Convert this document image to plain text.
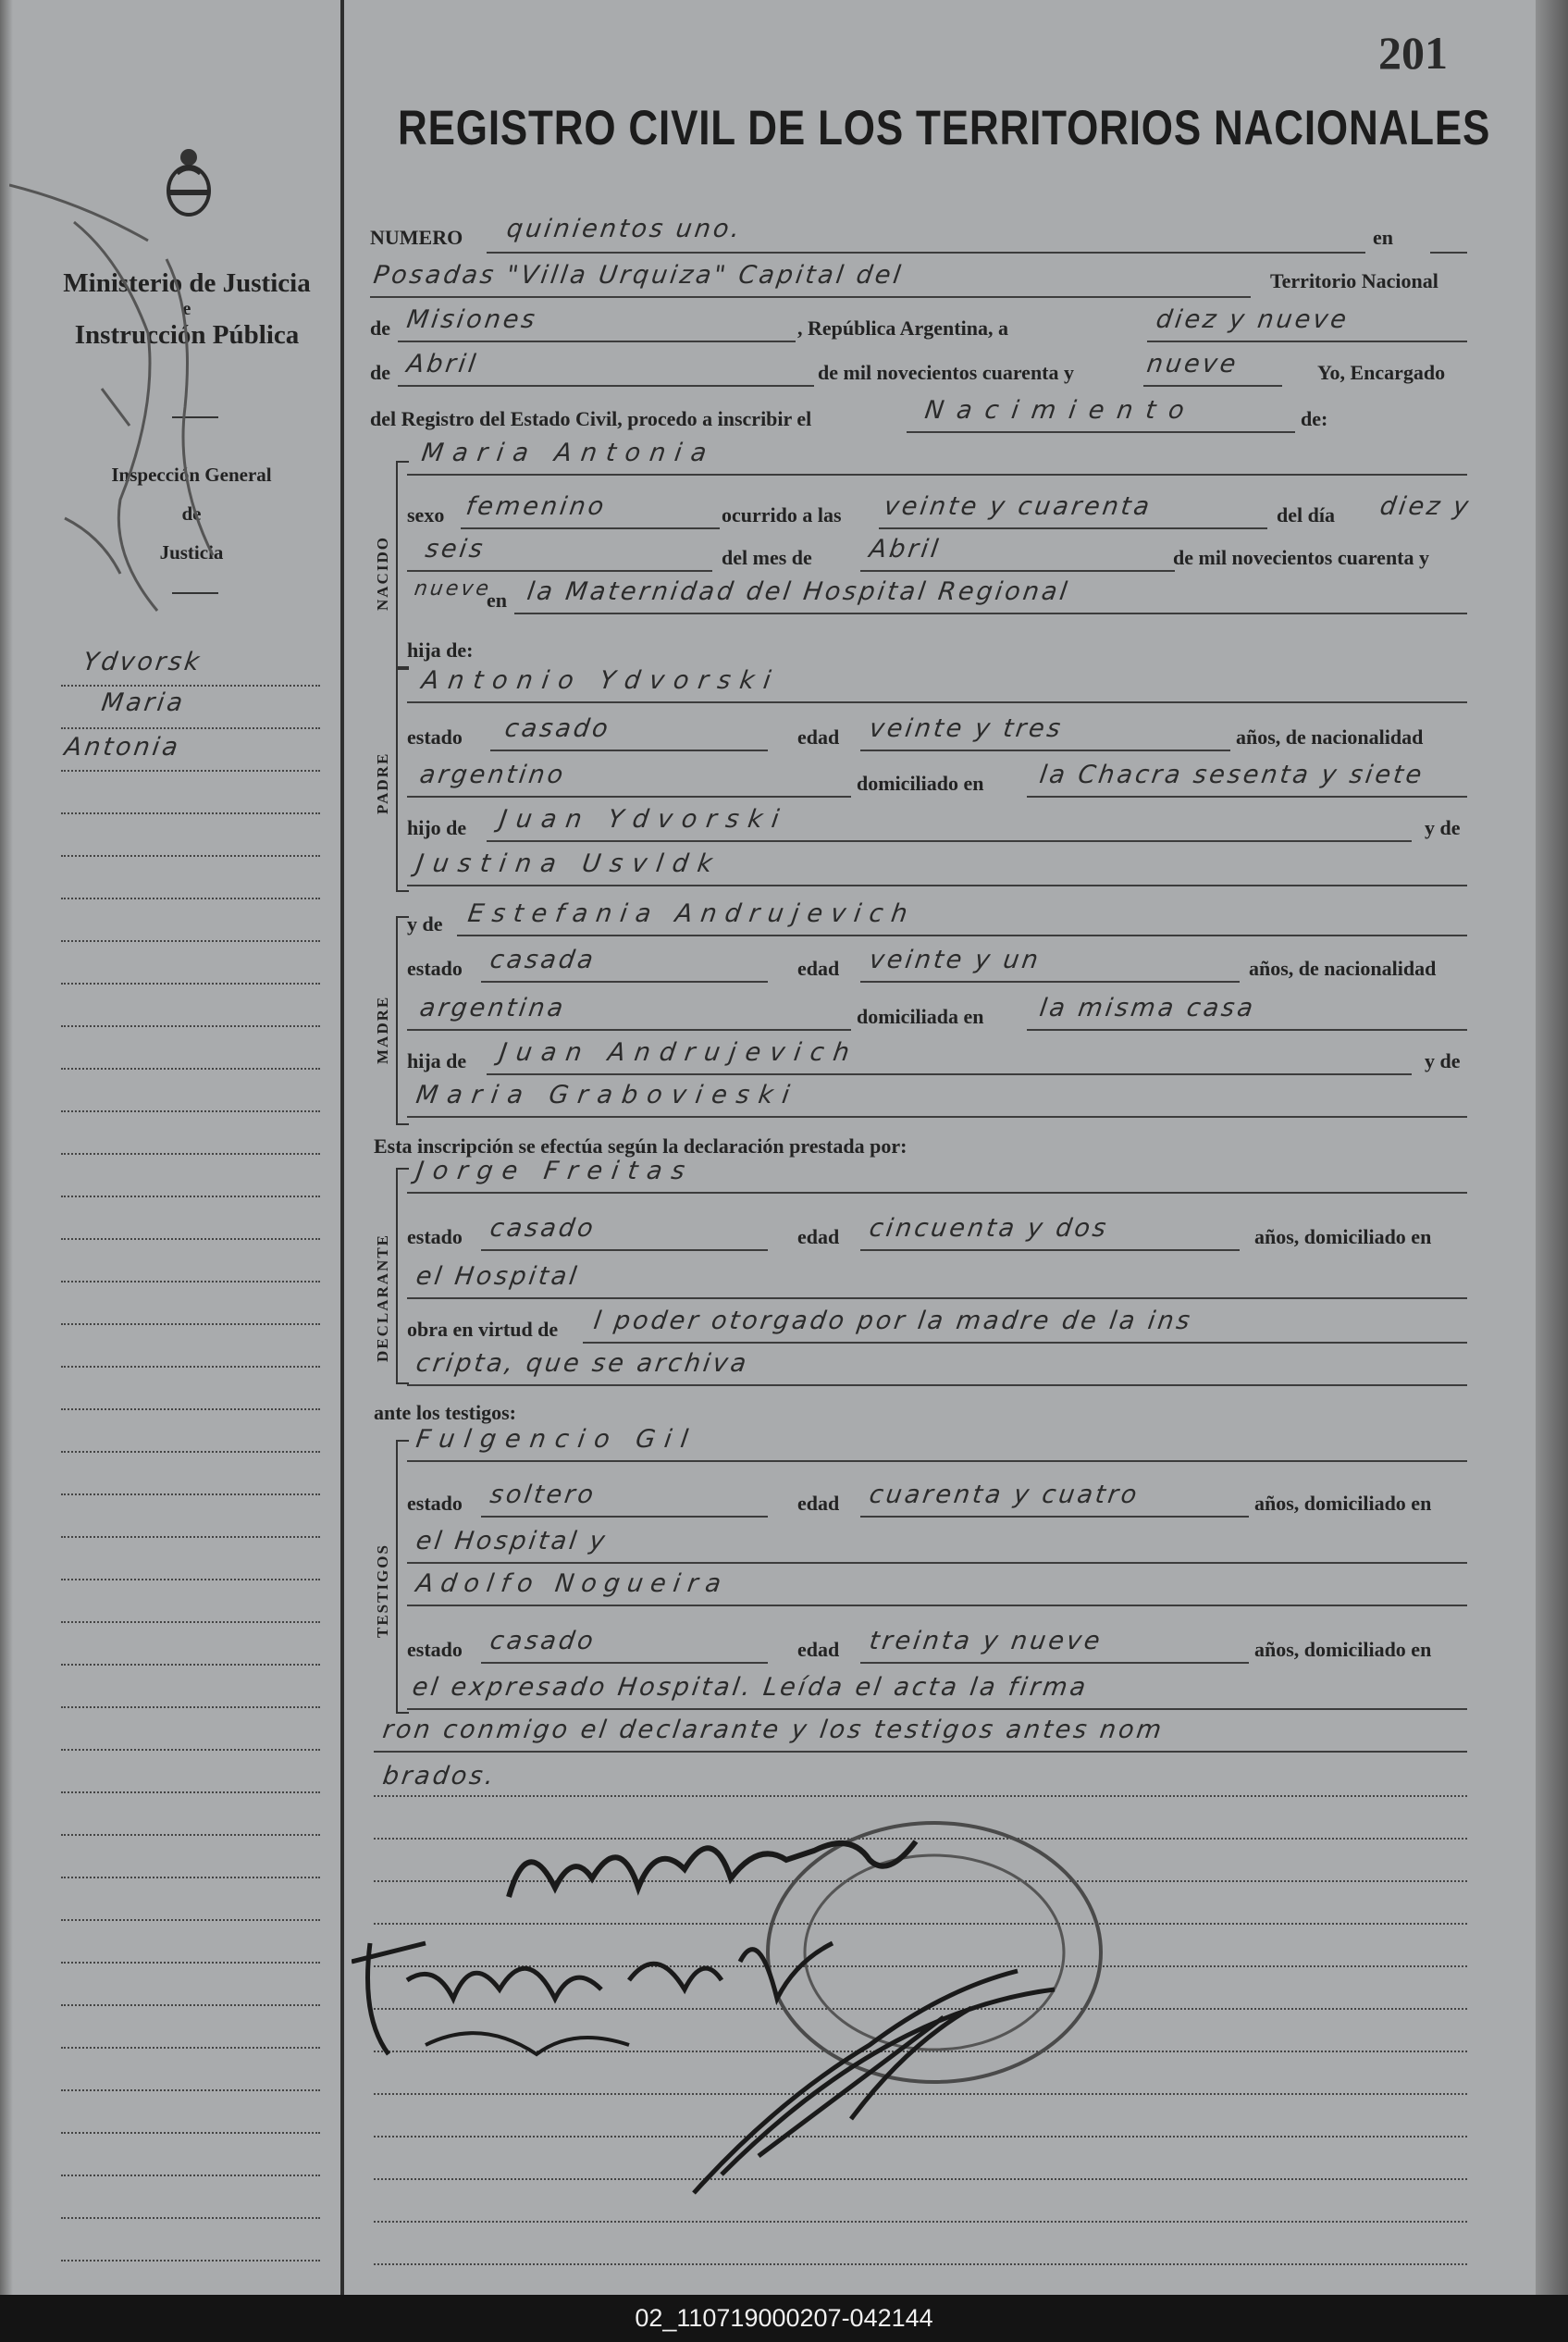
201
REGISTRO CIVIL DE LOS TERRITORIOS NACIONALES
Ministerio de Justicia
e
Instrucción Pública
Inspección General
de
Justicia
Ydvorsk
Maria
Antonia
NUMERO quinientos uno.	en
Posadas "Villa Urquiza" Capital del	Territorio Nacional
de Misiones	, República Argentina, a	diez y nueve
de Abril	de mil novecientos cuarenta y	nueve	Yo, Encargado
del Registro del Estado Civil, procedo a inscribir el	Nacimiento	de:
NACIDO
Maria Antonia
sexo femenino	ocurrido a las veinte y cuarenta	del día diez y
seis	del mes de Abril	de mil novecientos cuarenta y
nueve
en la Maternidad del Hospital Regional
hija de:
PADRE
Antonio Ydvorski
estado casado	edad veinte y tres	años, de nacionalidad
argentino	domiciliado en la Chacra sesenta y siete
hijo de Juan Ydvorski	y de
Justina Usvldk
MADRE
y de Estefania Andrujevich
estado casada	edad veinte y un	años, de nacionalidad
argentina	domiciliada en la misma casa
hija de Juan Andrujevich	y de
Maria Grabovieski
Esta inscripción se efectúa según la declaración prestada por:
DECLARANTE
Jorge Freitas
estado casado	edad cincuenta y dos	años, domiciliado en
el Hospital
obra en virtud de l poder otorgado por la madre de la ins
cripta, que se archiva
ante los testigos:
TESTIGOS
Fulgencio Gil
estado soltero	edad cuarenta y cuatro	años, domiciliado en
el Hospital y
Adolfo Nogueira
estado casado	edad treinta y nueve	años, domiciliado en
el expresado Hospital. Leída el acta la firma
ron conmigo el declarante y los testigos antes nom
brados.
02_110719000207-042144
